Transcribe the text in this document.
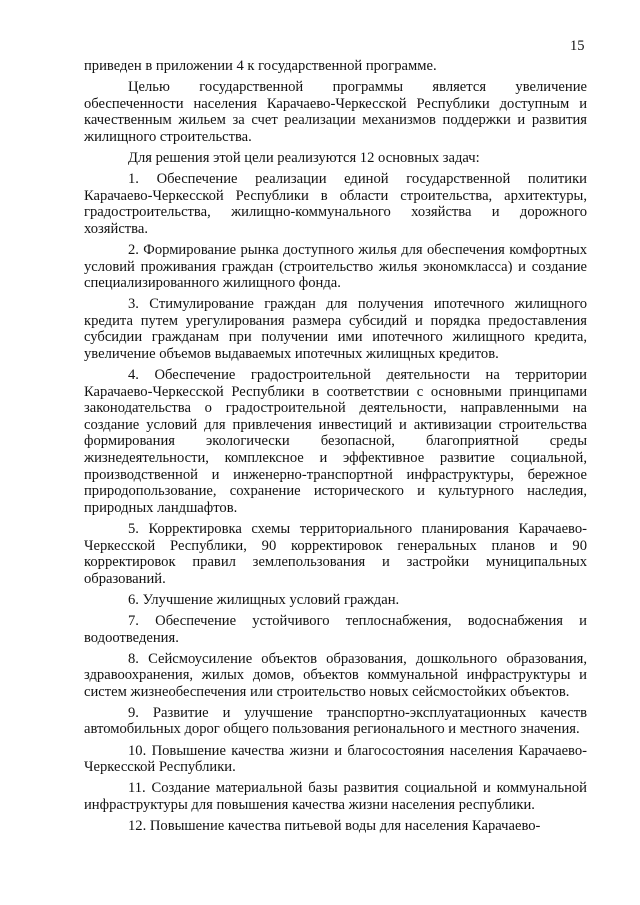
15

приведен в приложении 4 к государственной программе.

Целью государственной программы является увеличение обеспеченности населения Карачаево-Черкесской Республики доступным и качественным жильем за счет реализации механизмов поддержки и развития жилищного строительства.

Для решения этой цели реализуются 12 основных задач:

1. Обеспечение реализации единой государственной политики Карачаево-Черкесской Республики в области строительства, архитектуры, градостроительства, жилищно-коммунального хозяйства и дорожного хозяйства.

2. Формирование рынка доступного жилья для обеспечения комфортных условий проживания граждан (строительство жилья экономкласса) и создание специализированного жилищного фонда.

3. Стимулирование граждан для получения ипотечного жилищного кредита путем урегулирования размера субсидий и порядка предоставления субсидии гражданам при получении ими ипотечного жилищного кредита, увеличение объемов выдаваемых ипотечных жилищных кредитов.

4. Обеспечение градостроительной деятельности на территории Карачаево-Черкесской Республики в соответствии с основными принципами законодательства о градостроительной деятельности, направленными на создание условий для привлечения инвестиций и активизации строительства формирования экологически безопасной, благоприятной среды жизнедеятельности, комплексное и эффективное развитие социальной, производственной и инженерно-транспортной инфраструктуры, бережное природопользование, сохранение исторического и культурного наследия, природных ландшафтов.

5. Корректировка схемы территориального планирования Карачаево-Черкесской Республики, 90 корректировок генеральных планов и 90 корректировок правил землепользования и застройки муниципальных образований.

6. Улучшение жилищных условий граждан.

7. Обеспечение устойчивого теплоснабжения, водоснабжения и водоотведения.

8. Сейсмоусиление объектов образования, дошкольного образования, здравоохранения, жилых домов, объектов коммунальной инфраструктуры и систем жизнеобеспечения или строительство новых сейсмостойких объектов.

9. Развитие и улучшение транспортно-эксплуатационных качеств автомобильных дорог общего пользования регионального и местного значения.

10. Повышение качества жизни и благосостояния населения Карачаево-Черкесской Республики.

11. Создание материальной базы развития социальной и коммунальной инфраструктуры для повышения качества жизни населения республики.

12. Повышение качества питьевой воды для населения Карачаево-
